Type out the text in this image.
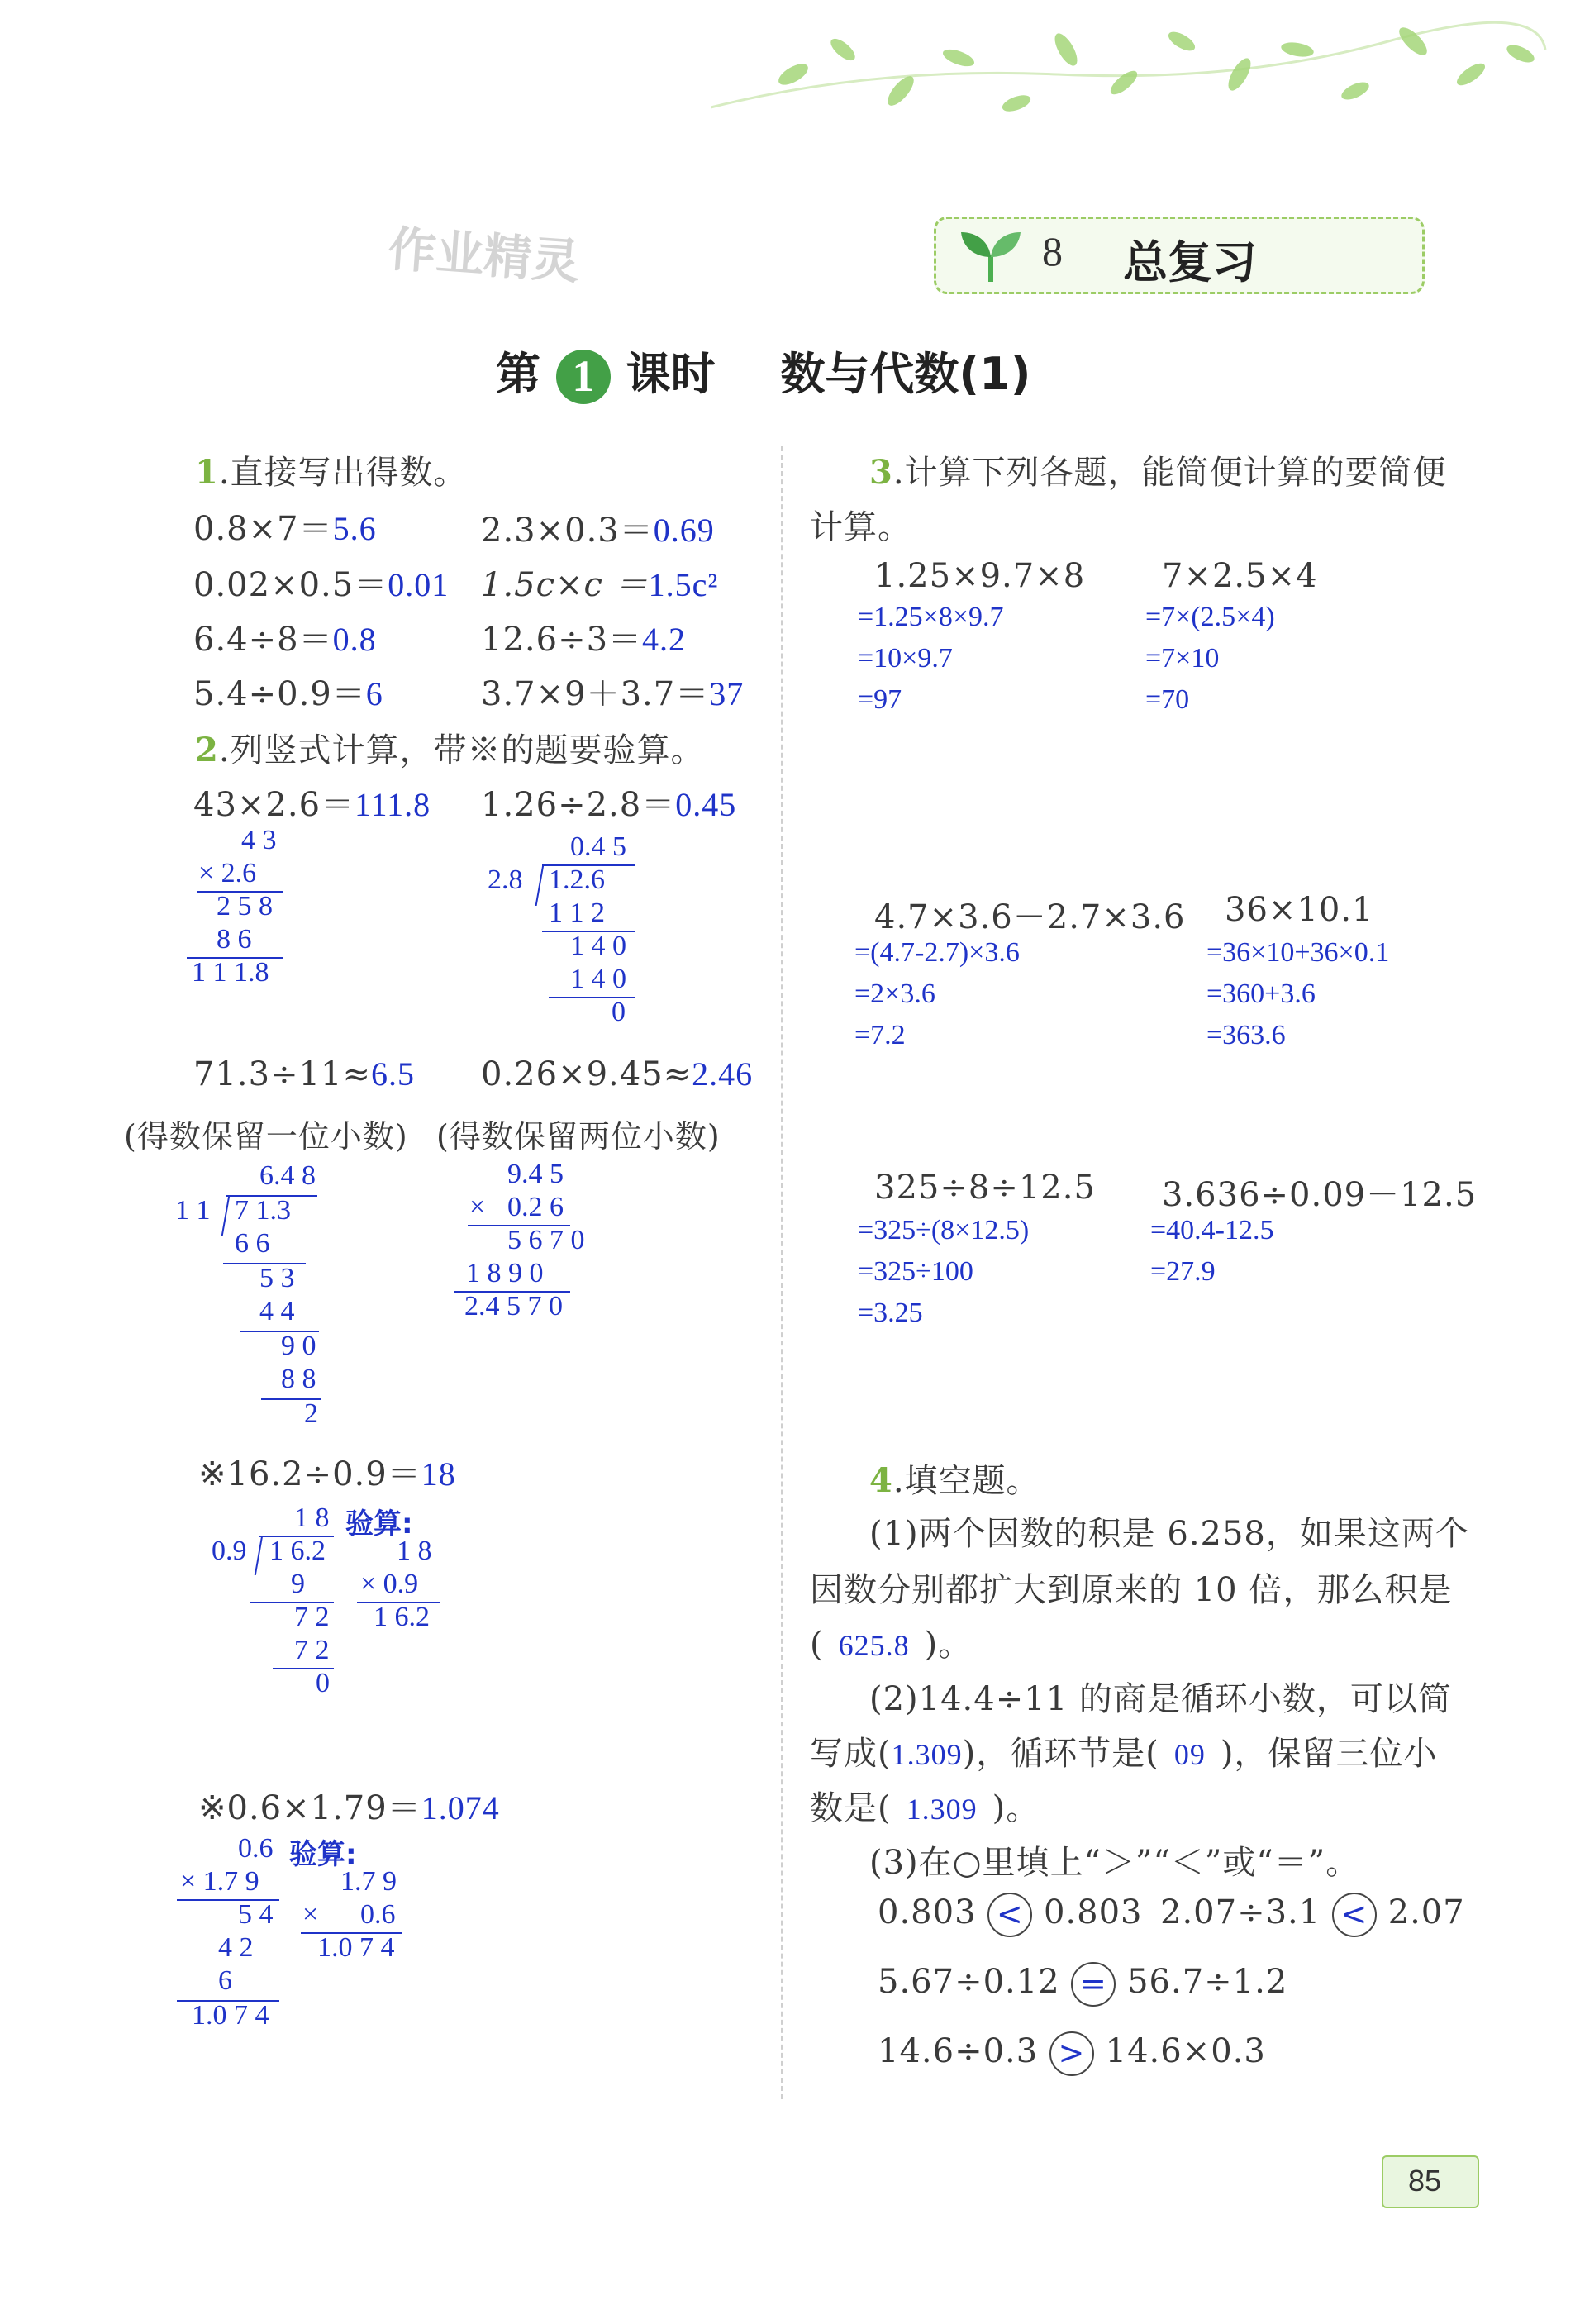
作业精灵	8 总复习
第 1 课时 数与代数(1)
1.直接写出得数。
0.8×7＝5.6	2.3×0.3＝0.69
0.02×0.5＝0.01 1.5c×c ＝1.5c²
6.4÷8＝0.8	12.6÷3＝4.2
5.4÷0.9＝6	3.7×9＋3.7＝37
2.列竖式计算，带※的题要验算。
43×2.6＝111.8
4 3
× 2.6
2 5 8
8 6
1 1 1.8
1.26÷2.8＝0.45
0.4 5
2.8 1.2.6
1 1 2
1 4 0
1 4 0
0
71.3÷11≈6.5 0.26×9.45≈2.46
(得数保留一位小数) (得数保留两位小数)
6.4 8
1 1 7 1.3
6 6
5 3
4 4
9 0
8 8
2
9.4 5
× 0.2 6
5 6 7 0
1 8 9 0
2.4 5 7 0
※16.2÷0.9＝18
1 8 验算:
0.9 1 6.2
9
7 2
7 2
0
1 8
× 0.9
1 6.2
※0.6×1.79＝1.074
0.6 验算:
× 1.7 9
5 4
4 2
6
1.0 7 4
1.7 9
× 0.6
1.0 7 4
3.计算下列各题，能简便计算的要简便
计算。
1.25×9.7×8
=1.25×8×9.7
=10×9.7
=97
7×2.5×4
=7×(2.5×4)
=7×10
=70
4.7×3.6－2.7×3.6
=(4.7-2.7)×3.6
=2×3.6
=7.2
36×10.1
=36×10+36×0.1
=360+3.6
=363.6
325÷8÷12.5
=325÷(8×12.5)
=325÷100
=3.25
3.636÷0.09－12.5
=40.4-12.5
=27.9
4.填空题。
(1)两个因数的积是 6.258，如果这两个
因数分别都扩大到原来的 10 倍，那么积是
( 625.8 )。
(2)14.4÷11 的商是循环小数，可以简
写成(1.309)，循环节是( 09 )，保留三位小
数是( 1.309 )。
(3)在○里填上“＞”“＜”或“＝”。
0.803 < 0.803 2.07÷3.1 < 2.07
5.67÷0.12 = 56.7÷1.2
14.6÷0.3 > 14.6×0.3
85
